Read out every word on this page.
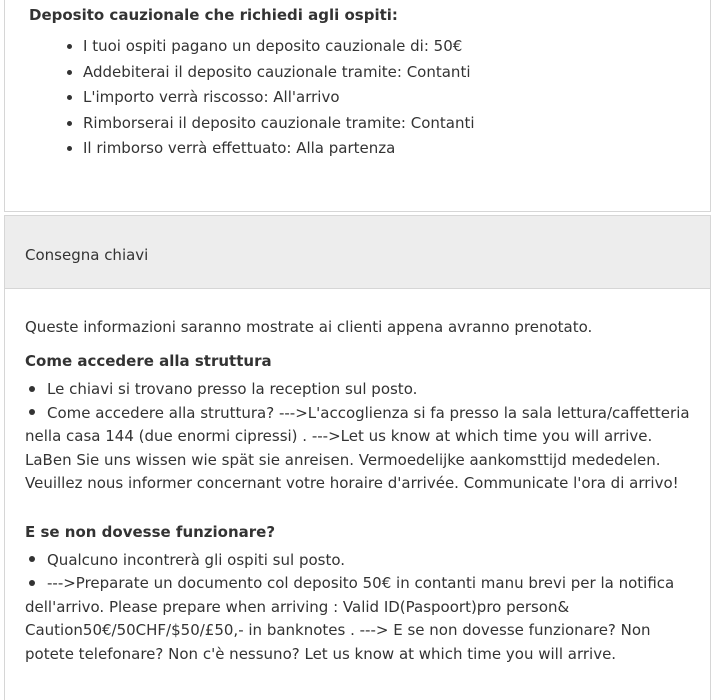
Deposito cauzionale che richiedi agli ospiti:
• I tuoi ospiti pagano un deposito cauzionale di: 50€
• Addebiterai il deposito cauzionale tramite: Contanti
• L'importo verrà riscosso: All'arrivo
• Rimborserai il deposito cauzionale tramite: Contanti
• Il rimborso verrà effettuato: Alla partenza
Consegna chiavi

Queste informazioni saranno mostrate ai clienti appena avranno prenotato.

Come accedere alla struttura

Le chiavi si trovano presso la reception sul posto.

Come accedere alla struttura? --->L'accoglienza si fa presso la sala lettura/caffetteria nella casa 144 (due enormi cipressi) . --->Let us know at which time you will arrive. LaBen Sie uns wissen wie spät sie anreisen. Vermoedelijke aankomsttijd mededelen. Veuillez nous informer concernant votre horaire d'arrivée. Communicate l'ora di arrivo!

E se non dovesse funzionare?

Qualcuno incontrerà gli ospiti sul posto.

--->Preparate un documento col deposito 50€ in contanti manu brevi per la notifica dell'arrivo. Please prepare when arriving : Valid ID(Paspoort)pro person& Caution50€/50CHF/$50/£50,- in banknotes . ---> E se non dovesse funzionare? Non potete telefonare? Non c'è nessuno? Let us know at which time you will arrive.
